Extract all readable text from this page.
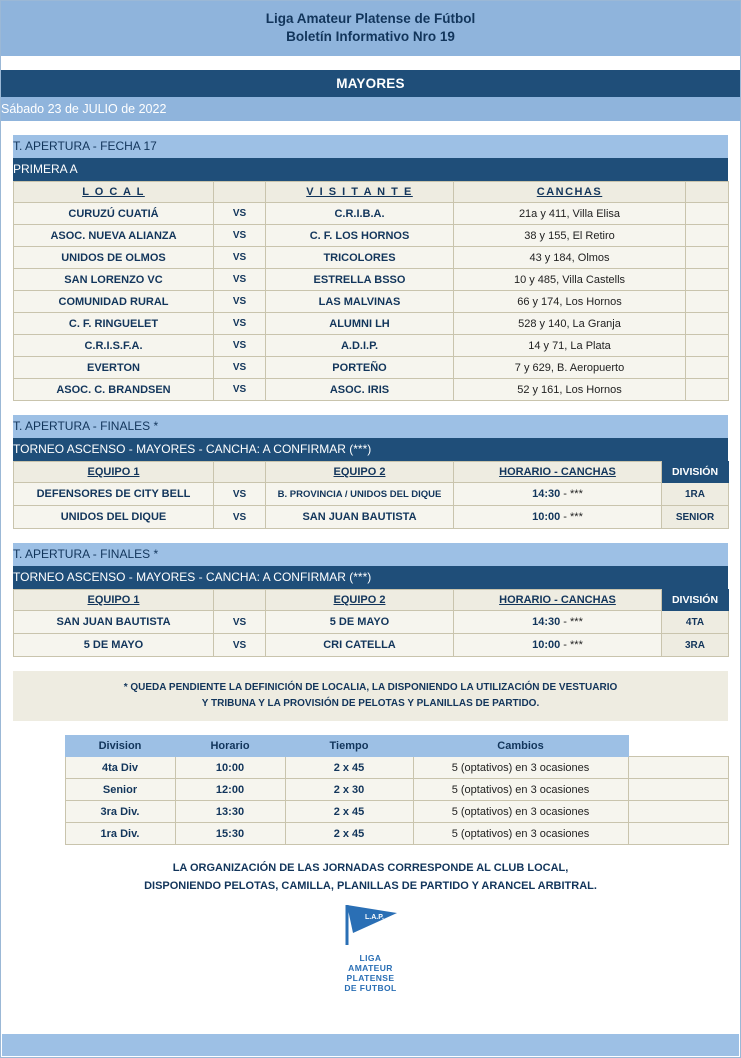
Liga Amateur Platense de Fútbol
Boletín Informativo Nro 19
MAYORES
Sábado 23 de JULIO de 2022
T. APERTURA - FECHA 17
PRIMERA A
L O C A L		V I S I T A N T E	CANCHAS	
CURUZÚ CUATIÁ	VS	C.R.I.B.A.	21a y 411, Villa Elisa	
ASOC. NUEVA ALIANZA	VS	C. F. LOS HORNOS	38 y 155, El Retiro	
UNIDOS DE OLMOS	VS	TRICOLORES	43 y 184, Olmos	
SAN LORENZO VC	VS	ESTRELLA BSSO	10 y 485, Villa Castells	
COMUNIDAD RURAL	VS	LAS MALVINAS	66 y 174, Los Hornos	
C. F. RINGUELET	VS	ALUMNI LH	528 y 140, La Granja	
C.R.I.S.F.A.	VS	A.D.I.P.	14 y 71, La Plata	
EVERTON	VS	PORTEÑO	7 y 629, B. Aeropuerto	
ASOC. C. BRANDSEN	VS	ASOC. IRIS	52 y 161, Los Hornos	
T. APERTURA - FINALES *
TORNEO ASCENSO - MAYORES - CANCHA: A CONFIRMAR (***)
EQUIPO 1		EQUIPO 2	HORARIO - CANCHAS	DIVISIÓN
DEFENSORES DE CITY BELL	VS	B. PROVINCIA / UNIDOS DEL DIQUE	14:30 - ***	1RA
UNIDOS DEL DIQUE	VS	SAN JUAN BAUTISTA	10:00 - ***	SENIOR
T. APERTURA - FINALES *
TORNEO ASCENSO - MAYORES - CANCHA: A CONFIRMAR (***)
EQUIPO 1		EQUIPO 2	HORARIO - CANCHAS	DIVISIÓN
SAN JUAN BAUTISTA	VS	5 DE MAYO	14:30 - ***	4TA
5 DE MAYO	VS	CRI CATELLA	10:00 - ***	3RA
* QUEDA PENDIENTE LA DEFINICIÓN DE LOCALIA, LA DISPONIENDO LA UTILIZACIÓN DE VESTUARIO
Y TRIBUNA Y LA PROVISIÓN DE PELOTAS Y PLANILLAS DE PARTIDO.
	Division	Horario	Tiempo	Cambios	
	4ta Div	10:00	2 x 45	5 (optativos) en 3 ocasiones	
	Senior	12:00	2 x 30	5 (optativos) en 3 ocasiones	
	3ra Div.	13:30	2 x 45	5 (optativos) en 3 ocasiones	
	1ra Div.	15:30	2 x 45	5 (optativos) en 3 ocasiones	
LA ORGANIZACIÓN DE LAS JORNADAS CORRESPONDE AL CLUB LOCAL,
DISPONIENDO PELOTAS, CAMILLA, PLANILLAS DE PARTIDO Y ARANCEL ARBITRAL.
L.A.P.
LIGA
AMATEUR
PLATENSE
DE FUTBOL
